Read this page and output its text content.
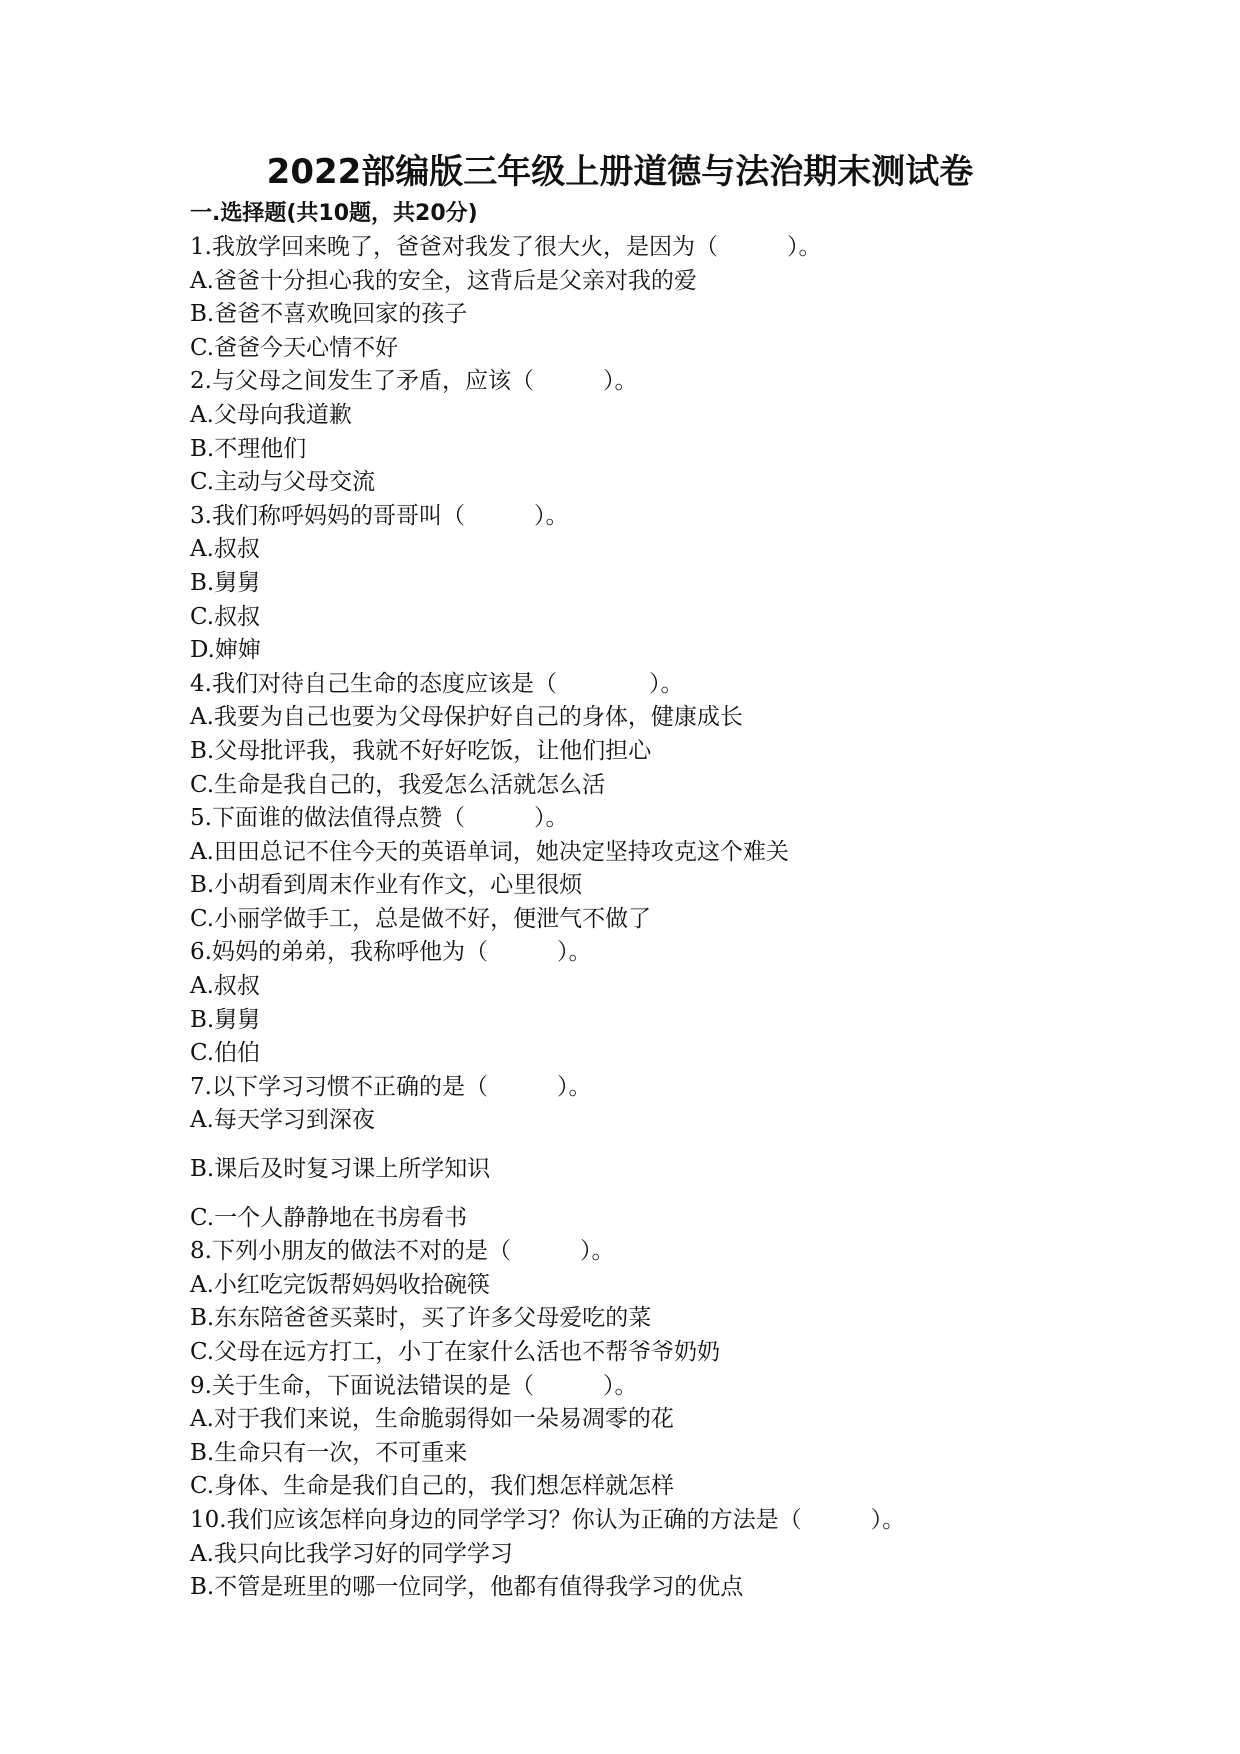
2022部编版三年级上册道德与法治期末测试卷
一.选择题(共10题，共20分)
1.我放学回来晚了，爸爸对我发了很大火，是因为（　　　）。
A.爸爸十分担心我的安全，这背后是父亲对我的爱
B.爸爸不喜欢晚回家的孩子
C.爸爸今天心情不好
2.与父母之间发生了矛盾，应该（　　　）。
A.父母向我道歉
B.不理他们
C.主动与父母交流
3.我们称呼妈妈的哥哥叫（　　　）。
A.叔叔
B.舅舅
C.叔叔
D.婶婶
4.我们对待自己生命的态度应该是（　　　　）。
A.我要为自己也要为父母保护好自己的身体，健康成长
B.父母批评我，我就不好好吃饭，让他们担心
C.生命是我自己的，我爱怎么活就怎么活
5.下面谁的做法值得点赞（　　　）。
A.田田总记不住今天的英语单词，她决定坚持攻克这个难关
B.小胡看到周末作业有作文，心里很烦
C.小丽学做手工，总是做不好，便泄气不做了
6.妈妈的弟弟，我称呼他为（　　　）。
A.叔叔
B.舅舅
C.伯伯
7.以下学习习惯不正确的是（　　　）。
A.每天学习到深夜
B.课后及时复习课上所学知识
C.一个人静静地在书房看书
8.下列小朋友的做法不对的是（　　　）。
A.小红吃完饭帮妈妈收拾碗筷
B.东东陪爸爸买菜时，买了许多父母爱吃的菜
C.父母在远方打工，小丁在家什么活也不帮爷爷奶奶
9.关于生命，下面说法错误的是（　　　）。
A.对于我们来说，生命脆弱得如一朵易凋零的花
B.生命只有一次，不可重来
C.身体、生命是我们自己的，我们想怎样就怎样
10.我们应该怎样向身边的同学学习？你认为正确的方法是（　　　）。
A.我只向比我学习好的同学学习
B.不管是班里的哪一位同学，他都有值得我学习的优点
